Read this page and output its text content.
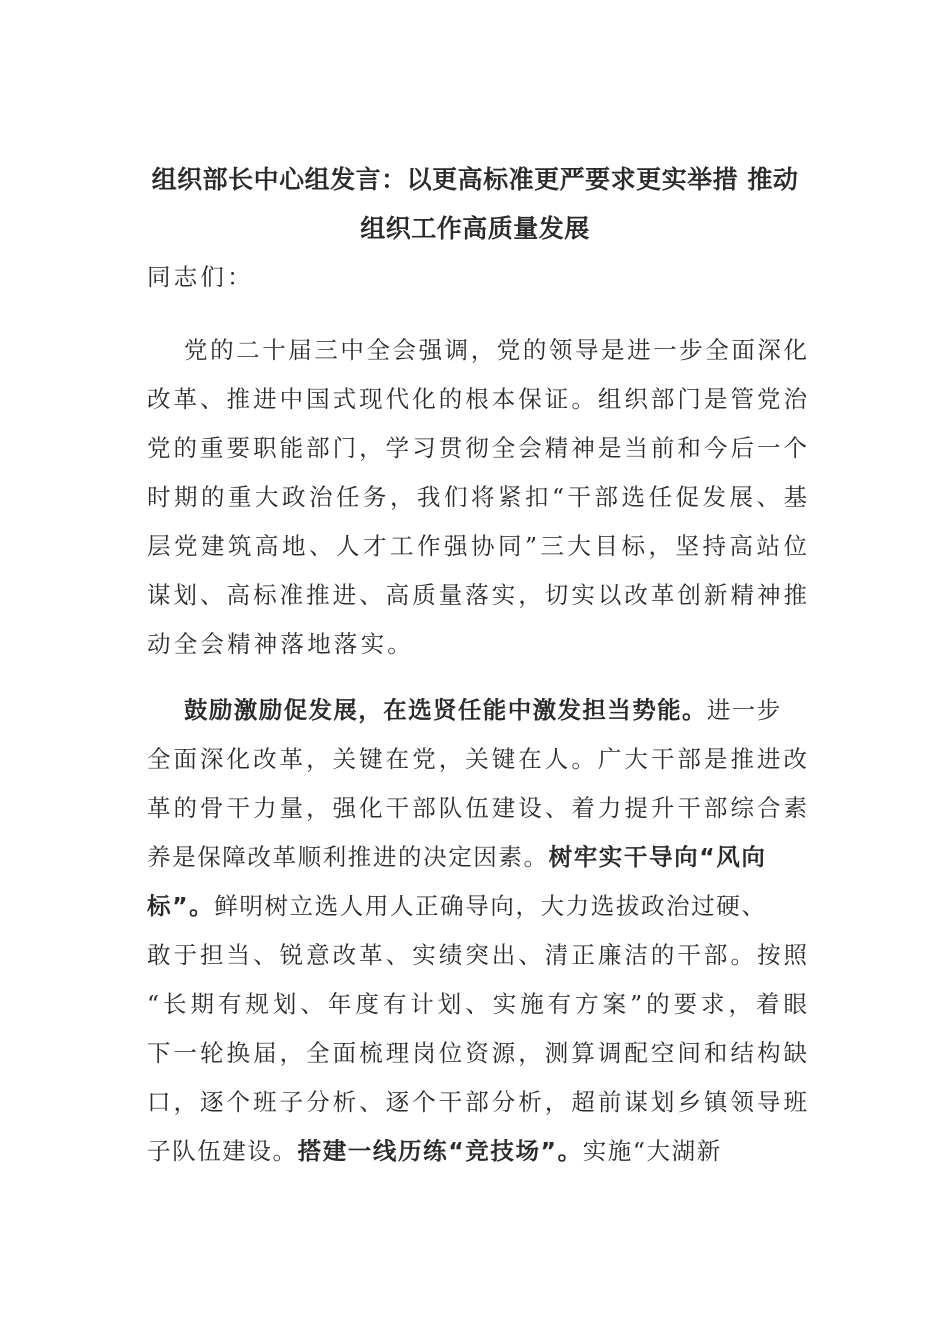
组织部长中心组发言：以更高标准更严要求更实举措 推动
组织工作高质量发展
同志们：
党的二十届三中全会强调，党的领导是进一步全面深化
改革、推进中国式现代化的根本保证。组织部门是管党治
党的重要职能部门，学习贯彻全会精神是当前和今后一个
时期的重大政治任务，我们将紧扣“干部选任促发展、基
层党建筑高地、人才工作强协同”三大目标，坚持高站位
谋划、高标准推进、高质量落实，切实以改革创新精神推
动全会精神落地落实。
鼓励激励促发展，在选贤任能中激发担当势能。进一步
全面深化改革，关键在党，关键在人。广大干部是推进改
革的骨干力量，强化干部队伍建设、着力提升干部综合素
养是保障改革顺利推进的决定因素。树牢实干导向“风向
标”。鲜明树立选人用人正确导向，大力选拔政治过硬、
敢于担当、锐意改革、实绩突出、清正廉洁的干部。按照
“长期有规划、年度有计划、实施有方案”的要求，着眼
下一轮换届，全面梳理岗位资源，测算调配空间和结构缺
口，逐个班子分析、逐个干部分析，超前谋划乡镇领导班
子队伍建设。搭建一线历练“竞技场”。实施“大湖新
